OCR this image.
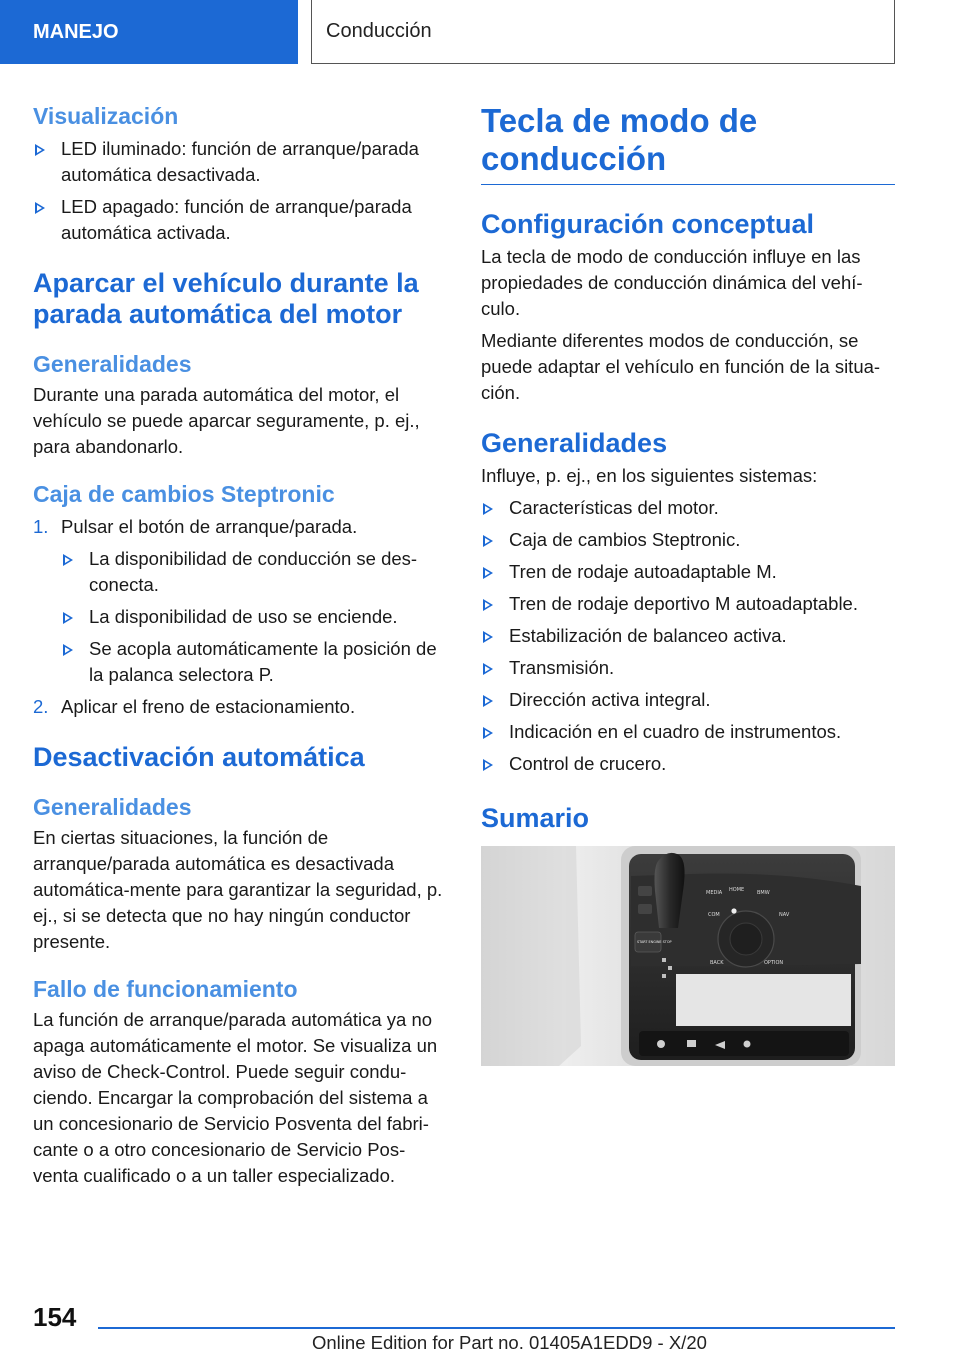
MANEJO	Conducción
Visualización
LED iluminado: función de arranque/parada automática desactivada.
LED apagado: función de arranque/parada automática activada.
Aparcar el vehículo durante la parada automática del motor
Generalidades

Durante una parada automática del motor, el vehículo se puede aparcar seguramente, p. ej., para abandonarlo.

Caja de cambios Steptronic
1. Pulsar el botón de arranque/parada.
La disponibilidad de conducción se des‐conecta.
La disponibilidad de uso se enciende.
Se acopla automáticamente la posición de la palanca selectora P.
2. Aplicar el freno de estacionamiento.
Desactivación automática
Generalidades

En ciertas situaciones, la función de arranque/parada automática es desactivada automática‐mente para garantizar la seguridad, p. ej., si se detecta que no hay ningún conductor presente.

Fallo de funcionamiento

La función de arranque/parada automática ya no apaga automáticamente el motor. Se visualiza un aviso de Check-Control. Puede seguir condu‐ciendo. Encargar la comprobación del sistema a un concesionario de Servicio Posventa del fabri‐cante o a otro concesionario de Servicio Pos‐venta cualificado o a un taller especializado.

Tecla de modo de conducción
Configuración conceptual

La tecla de modo de conducción influye en las propiedades de conducción dinámica del vehí‐culo.

Mediante diferentes modos de conducción, se puede adaptar el vehículo en función de la situa‐ción.

Generalidades

Influye, p. ej., en los siguientes sistemas:

Características del motor.
Caja de cambios Steptronic.
Tren de rodaje autoadaptable M.
Tren de rodaje deportivo M autoadaptable.
Estabilización de balanceo activa.
Transmisión.
Dirección activa integral.
Indicación en el cuadro de instrumentos.
Control de crucero.
Sumario
MEDIA HOME	BMW
COM	NAV
BACK	OPTION
START ENGINE STOP
154
Online Edition for Part no. 01405A1EDD9 - X/20
